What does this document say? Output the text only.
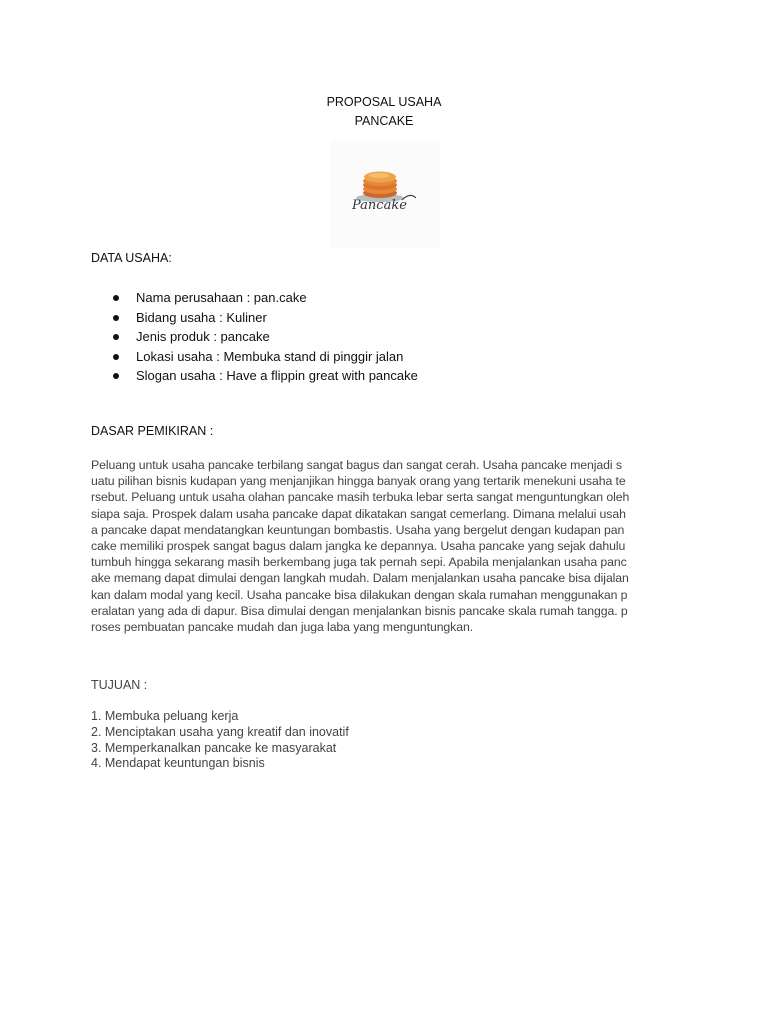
PROPOSAL USAHA
PANCAKE
Pancake
DATA USAHA:
Nama perusahaan : pan.cake
Bidang usaha : Kuliner
Jenis produk : pancake
Lokasi usaha : Membuka stand di pinggir jalan
Slogan usaha : Have a flippin great with pancake
DASAR PEMIKIRAN :
Peluang untuk usaha pancake terbilang sangat bagus dan sangat cerah. Usaha pancake menjadi s
uatu pilihan bisnis kudapan yang menjanjikan hingga banyak orang yang tertarik menekuni usaha te
rsebut. Peluang untuk usaha olahan pancake masih terbuka lebar serta sangat menguntungkan oleh
siapa saja. Prospek dalam usaha pancake dapat dikatakan sangat cemerlang. Dimana melalui usah
a pancake dapat mendatangkan keuntungan bombastis. Usaha yang bergelut dengan kudapan pan
cake memiliki prospek sangat bagus dalam jangka ke depannya. Usaha pancake yang sejak dahulu
tumbuh hingga sekarang masih berkembang juga tak pernah sepi. Apabila menjalankan usaha panc
ake memang dapat dimulai dengan langkah mudah. Dalam menjalankan usaha pancake bisa dijalan
kan dalam modal yang kecil. Usaha pancake bisa dilakukan dengan skala rumahan menggunakan p
eralatan yang ada di dapur. Bisa dimulai dengan menjalankan bisnis pancake skala rumah tangga. p
roses pembuatan pancake mudah dan juga laba yang menguntungkan.
TUJUAN :
1. Membuka peluang kerja
2. Menciptakan usaha yang kreatif dan inovatif
3. Memperkanalkan pancake ke masyarakat
4. Mendapat keuntungan bisnis
